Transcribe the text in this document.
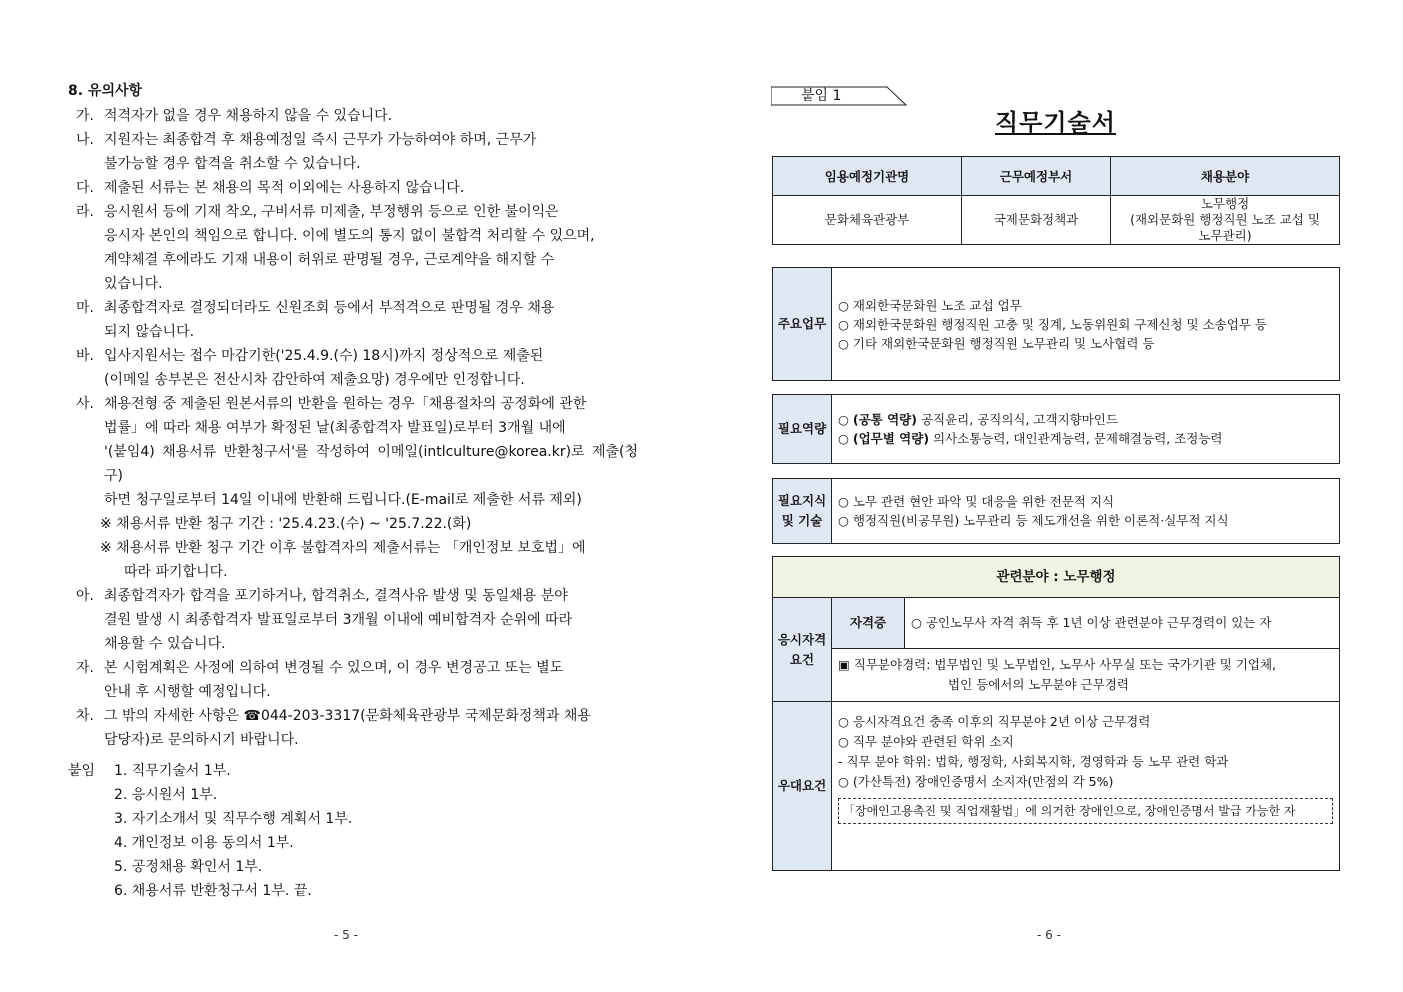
8. 유의사항
가. 적격자가 없을 경우 채용하지 않을 수 있습니다.
나. 지원자는 최종합격 후 채용예정일 즉시 근무가 가능하여야 하며, 근무가
불가능할 경우 합격을 취소할 수 있습니다.
다. 제출된 서류는 본 채용의 목적 이외에는 사용하지 않습니다.
라. 응시원서 등에 기재 착오, 구비서류 미제출, 부정행위 등으로 인한 불이익은
응시자 본인의 책임으로 합니다. 이에 별도의 통지 없이 불합격 처리할 수 있으며,
계약체결 후에라도 기재 내용이 허위로 판명될 경우, 근로계약을 해지할 수
있습니다.
마. 최종합격자로 결정되더라도 신원조회 등에서 부적격으로 판명될 경우 채용
되지 않습니다.
바. 입사지원서는 접수 마감기한('25.4.9.(수) 18시)까지 정상적으로 제출된
(이메일 송부본은 전산시차 감안하여 제출요망) 경우에만 인정합니다.
사. 채용전형 중 제출된 원본서류의 반환을 원하는 경우「채용절차의 공정화에 관한
법률」에 따라 채용 여부가 확정된 날(최종합격자 발표일)로부터 3개월 내에
'(붙임4) 채용서류 반환청구서'를 작성하여 이메일(intlculture@korea.kr)로 제출(청구)
하면 청구일로부터 14일 이내에 반환해 드립니다.(E-mail로 제출한 서류 제외)
※ 채용서류 반환 청구 기간 : '25.4.23.(수) ~ '25.7.22.(화)
※ 채용서류 반환 청구 기간 이후 불합격자의 제출서류는 「개인정보 보호법」에
따라 파기합니다.
아. 최종합격자가 합격을 포기하거나, 합격취소, 결격사유 발생 및 동일채용 분야
결원 발생 시 최종합격자 발표일로부터 3개월 이내에 예비합격자 순위에 따라
채용할 수 있습니다.
자. 본 시험계획은 사정에 의하여 변경될 수 있으며, 이 경우 변경공고 또는 별도
안내 후 시행할 예정입니다.
차. 그 밖의 자세한 사항은 ☎044-203-3317(문화체육관광부 국제문화정책과 채용
담당자)로 문의하시기 바랍니다.
붙임	1. 직무기술서 1부.
2. 응시원서 1부.
3. 자기소개서 및 직무수행 계획서 1부.
4. 개인정보 이용 동의서 1부.
5. 공정채용 확인서 1부.
6. 채용서류 반환청구서 1부. 끝.
- 5 -
붙임 1
직무기술서
임용예정기관명	근무예정부서	채용분야
문화체육관광부	국제문화정책과	노무행정
(재외문화원 행정직원 노조 교섭 및
노무관리)
주요업무	
○ 재외한국문화원 노조 교섭 업무
○ 재외한국문화원 행정직원 고충 및 징계, 노동위원회 구제신청 및 소송업무 등
○ 기타 재외한국문화원 행정직원 노무관리 및 노사협력 등
필요역량	
○ (공통 역량) 공직윤리, 공직의식, 고객지향마인드
○ (업무별 역량) 의사소통능력, 대인관계능력, 문제해결능력, 조정능력
필요지식
및 기술

○ 노무 관련 현안 파악 및 대응을 위한 전문적 지식
○ 행정직원(비공무원) 노무관리 등 제도개선을 위한 이론적·실무적 지식
관련분야 : 노무행정		

응시자격
요건	자격증	○ 공인노무사 자격 취득 후 1년 이상 관련분야 근무경력이 있는 자

	▣ 직무분야경력: 법무법인 및 노무법인, 노무사 사무실 또는 국가기관 및 기업체,
법인 등에서의 노무분야 근무경력	

우대요건	○ 응시자격요건 충족 이후의 직무분야 2년 이상 근무경력
○ 직무 분야와 관련된 학위 소지
- 직무 분야 학위: 법학, 행정학, 사회복지학, 경영학과 등 노무 관련 학과
○ (가산특전) 장애인증명서 소지자(만점의 각 5%)
「장애인고용촉진 및 직업재활법」에 의거한 장애인으로, 장애인증명서 발급 가능한 자	
- 6 -
